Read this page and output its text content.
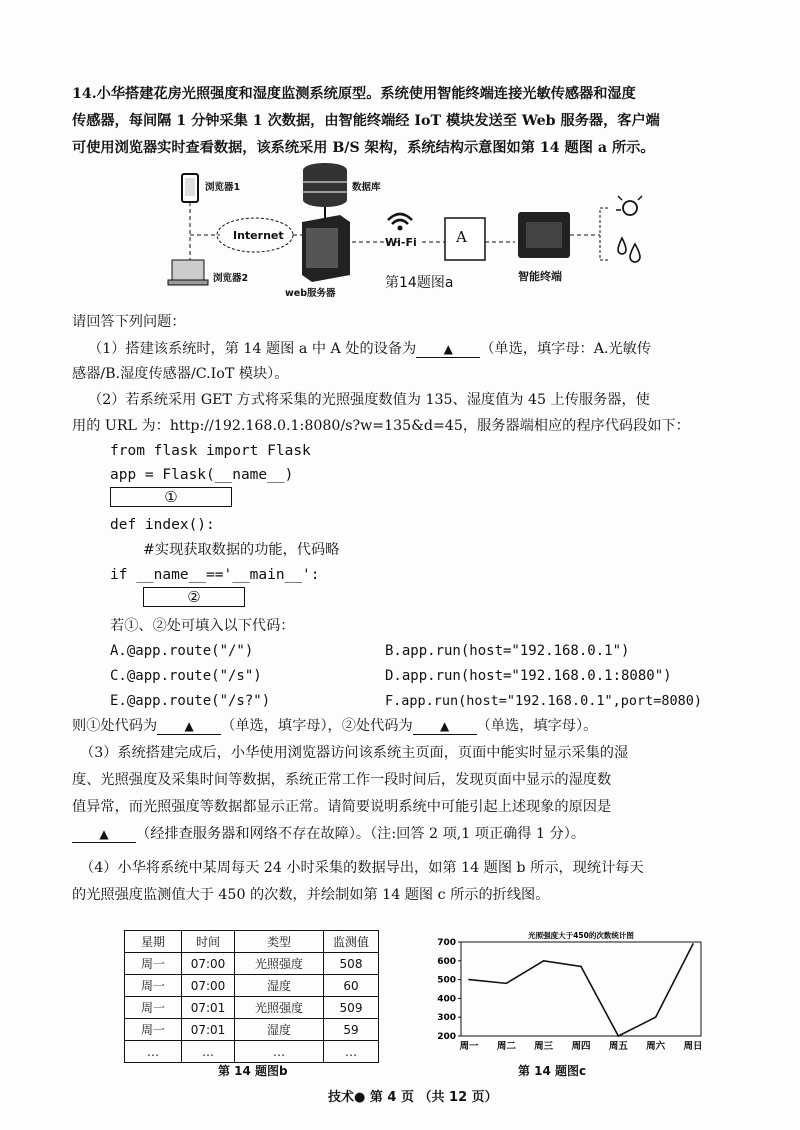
14.小华搭建花房光照强度和湿度监测系统原型。系统使用智能终端连接光敏传感器和湿度
传感器，每间隔 1 分钟采集 1 次数据，由智能终端经 IoT 模块发送至 Web 服务器，客户端
可使用浏览器实时查看数据，该系统采用 B/S 架构，系统结构示意图如第 14 题图 a 所示。
浏览器1
浏览器2
Internet
数据库
web服务器
Wi-Fi	A
智能终端
第14题图a
请回答下列问题：
（1）搭建该系统时，第 14 题图 a 中 A 处的设备为 ▲ （单选，填字母：A.光敏传
感器/B.湿度传感器/C.IoT 模块）。
（2）若系统采用 GET 方式将采集的光照强度数值为 135、湿度值为 45 上传服务器，使
用的 URL 为：http://192.168.0.1:8080/s?w=135&d=45，服务器端相应的程序代码段如下：
from flask import Flask
app = Flask(__name__)
①
def index():
#实现获取数据的功能，代码略
if __name__=='__main__':
②
若①、②处可填入以下代码：
A.@app.route("/")	B.app.run(host="192.168.0.1")
C.@app.route("/s")	D.app.run(host="192.168.0.1:8080")
E.@app.route("/s?")	F.app.run(host="192.168.0.1",port=8080)
则①处代码为 ▲ （单选，填字母），②处代码为 ▲ （单选，填字母）。
（3）系统搭建完成后，小华使用浏览器访问该系统主页面，页面中能实时显示采集的湿
度、光照强度及采集时间等数据，系统正常工作一段时间后，发现页面中显示的湿度数
值异常，而光照强度等数据都显示正常。请简要说明系统中可能引起上述现象的原因是
▲ （经排查服务器和网络不存在故障）。（注:回答 2 项,1 项正确得 1 分）。
（4）小华将系统中某周每天 24 小时采集的数据导出，如第 14 题图 b 所示，现统计每天
的光照强度监测值大于 450 的次数，并绘制如第 14 题图 c 所示的折线图。
星期	时间	类型	监测值
周一	07:00	光照强度	508
周一	07:00	湿度	60
周一	07:01	光照强度	509
周一	07:01	湿度	59
…	…	…	…
第 14 题图b
光照强度大于450的次数统计图
200
300
400
500
600
700
周一 周二 周三 周四 周五 周六 周日
第 14 题图c
技术● 第 4 页 （共 12 页）
